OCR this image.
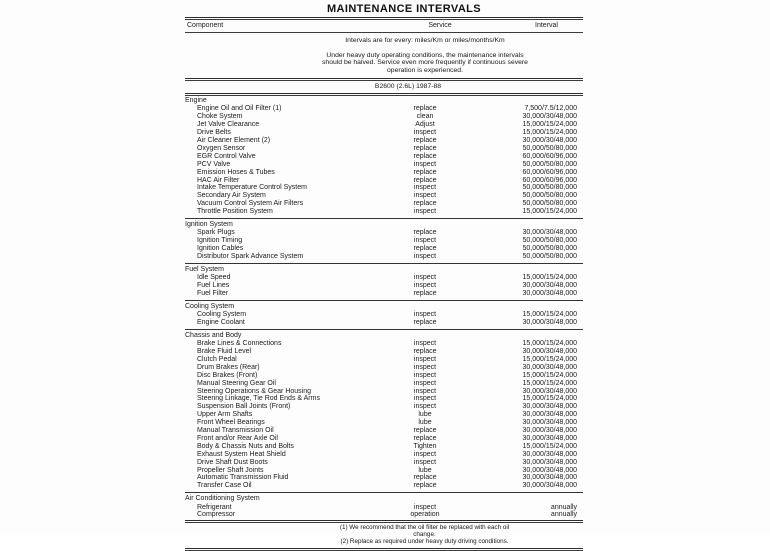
MAINTENANCE INTERVALS
Component	Service	Interval
Intervals are for every: miles/Km or miles/months/Km
Under heavy duty operating conditions, the maintenance intervals should be halved. Service even more frequently if continuous severe operation is experienced.
B2600 (2.6L) 1987-88
Engine
Engine Oil and Oil Filter (1)	replace	7,500/7.5/12,000
Choke System	clean	30,000/30/48,000
Jet Valve Clearance	Adjust	15,000/15/24,000
Drive Belts	inspect	15,000/15/24,000
Air Cleaner Element (2)	replace	30,000/30/48,000
Oxygen Sensor	replace	50,000/50/80,000
EGR Control Valve	replace	60,000/60/96,000
PCV Valve	inspect	50,000/50/80,000
Emission Hoses & Tubes	replace	60,000/60/96,000
HAC Air Filter	replace	60,000/60/96,000
Intake Temperature Control System	inspect	50,000/50/80,000
Secondary Air System	inspect	50,000/50/80,000
Vacuum Control System Air Filters	replace	50,000/50/80,000
Throttle Position System	inspect	15,000/15/24,000
Ignition System
Spark Plugs	replace	30,000/30/48,000
Ignition Timing	inspect	50,000/50/80,000
Ignition Cables	replace	50,000/50/80,000
Distributor Spark Advance System	inspect	50,000/50/80,000
Fuel System
Idle Speed	inspect	15,000/15/24,000
Fuel Lines	inspect	30,000/30/48,000
Fuel Filter	replace	30,000/30/48,000
Cooling System
Cooling System	inspect	15,000/15/24,000
Engine Coolant	replace	30,000/30/48,000
Chassis and Body
Brake Lines & Connections	inspect	15,000/15/24,000
Brake Fluid Level	replace	30,000/30/48,000
Clutch Pedal	inspect	15,000/15/24,000
Drum Brakes (Rear)	inspect	30,000/30/48,000
Disc Brakes (Front)	inspect	15,000/15/24,000
Manual Steering Gear Oil	inspect	15,000/15/24,000
Steering Operations & Gear Housing	inspect	30,000/30/48,000
Steering Linkage, Tie Rod Ends & Arms	inspect	15,000/15/24,000
Suspension Ball Joints (Front)	inspect	30,000/30/48,000
Upper Arm Shafts	lube	30,000/30/48,000
Front Wheel Bearings	lube	30,000/30/48,000
Manual Transmission Oil	replace	30,000/30/48,000
Front and/or Rear Axle Oil	replace	30,000/30/48,000
Body & Chassis Nuts and Bolts	Tighten	15,000/15/24,000
Exhaust System Heat Shield	inspect	30,000/30/48,000
Drive Shaft Dust Boots	inspect	30,000/30/48,000
Propeller Shaft Joints	lube	30,000/30/48,000
Automatic Transmission Fluid	replace	30,000/30/48,000
Transfer Case Oil	replace	30,000/30/48,000
Air Conditioning System
Refrigerant	inspect	annually
Compressor	operation	annually
(1) We recommend that the oil filter be replaced with each oil change.
(2) Replace as required under heavy duty driving conditions.
